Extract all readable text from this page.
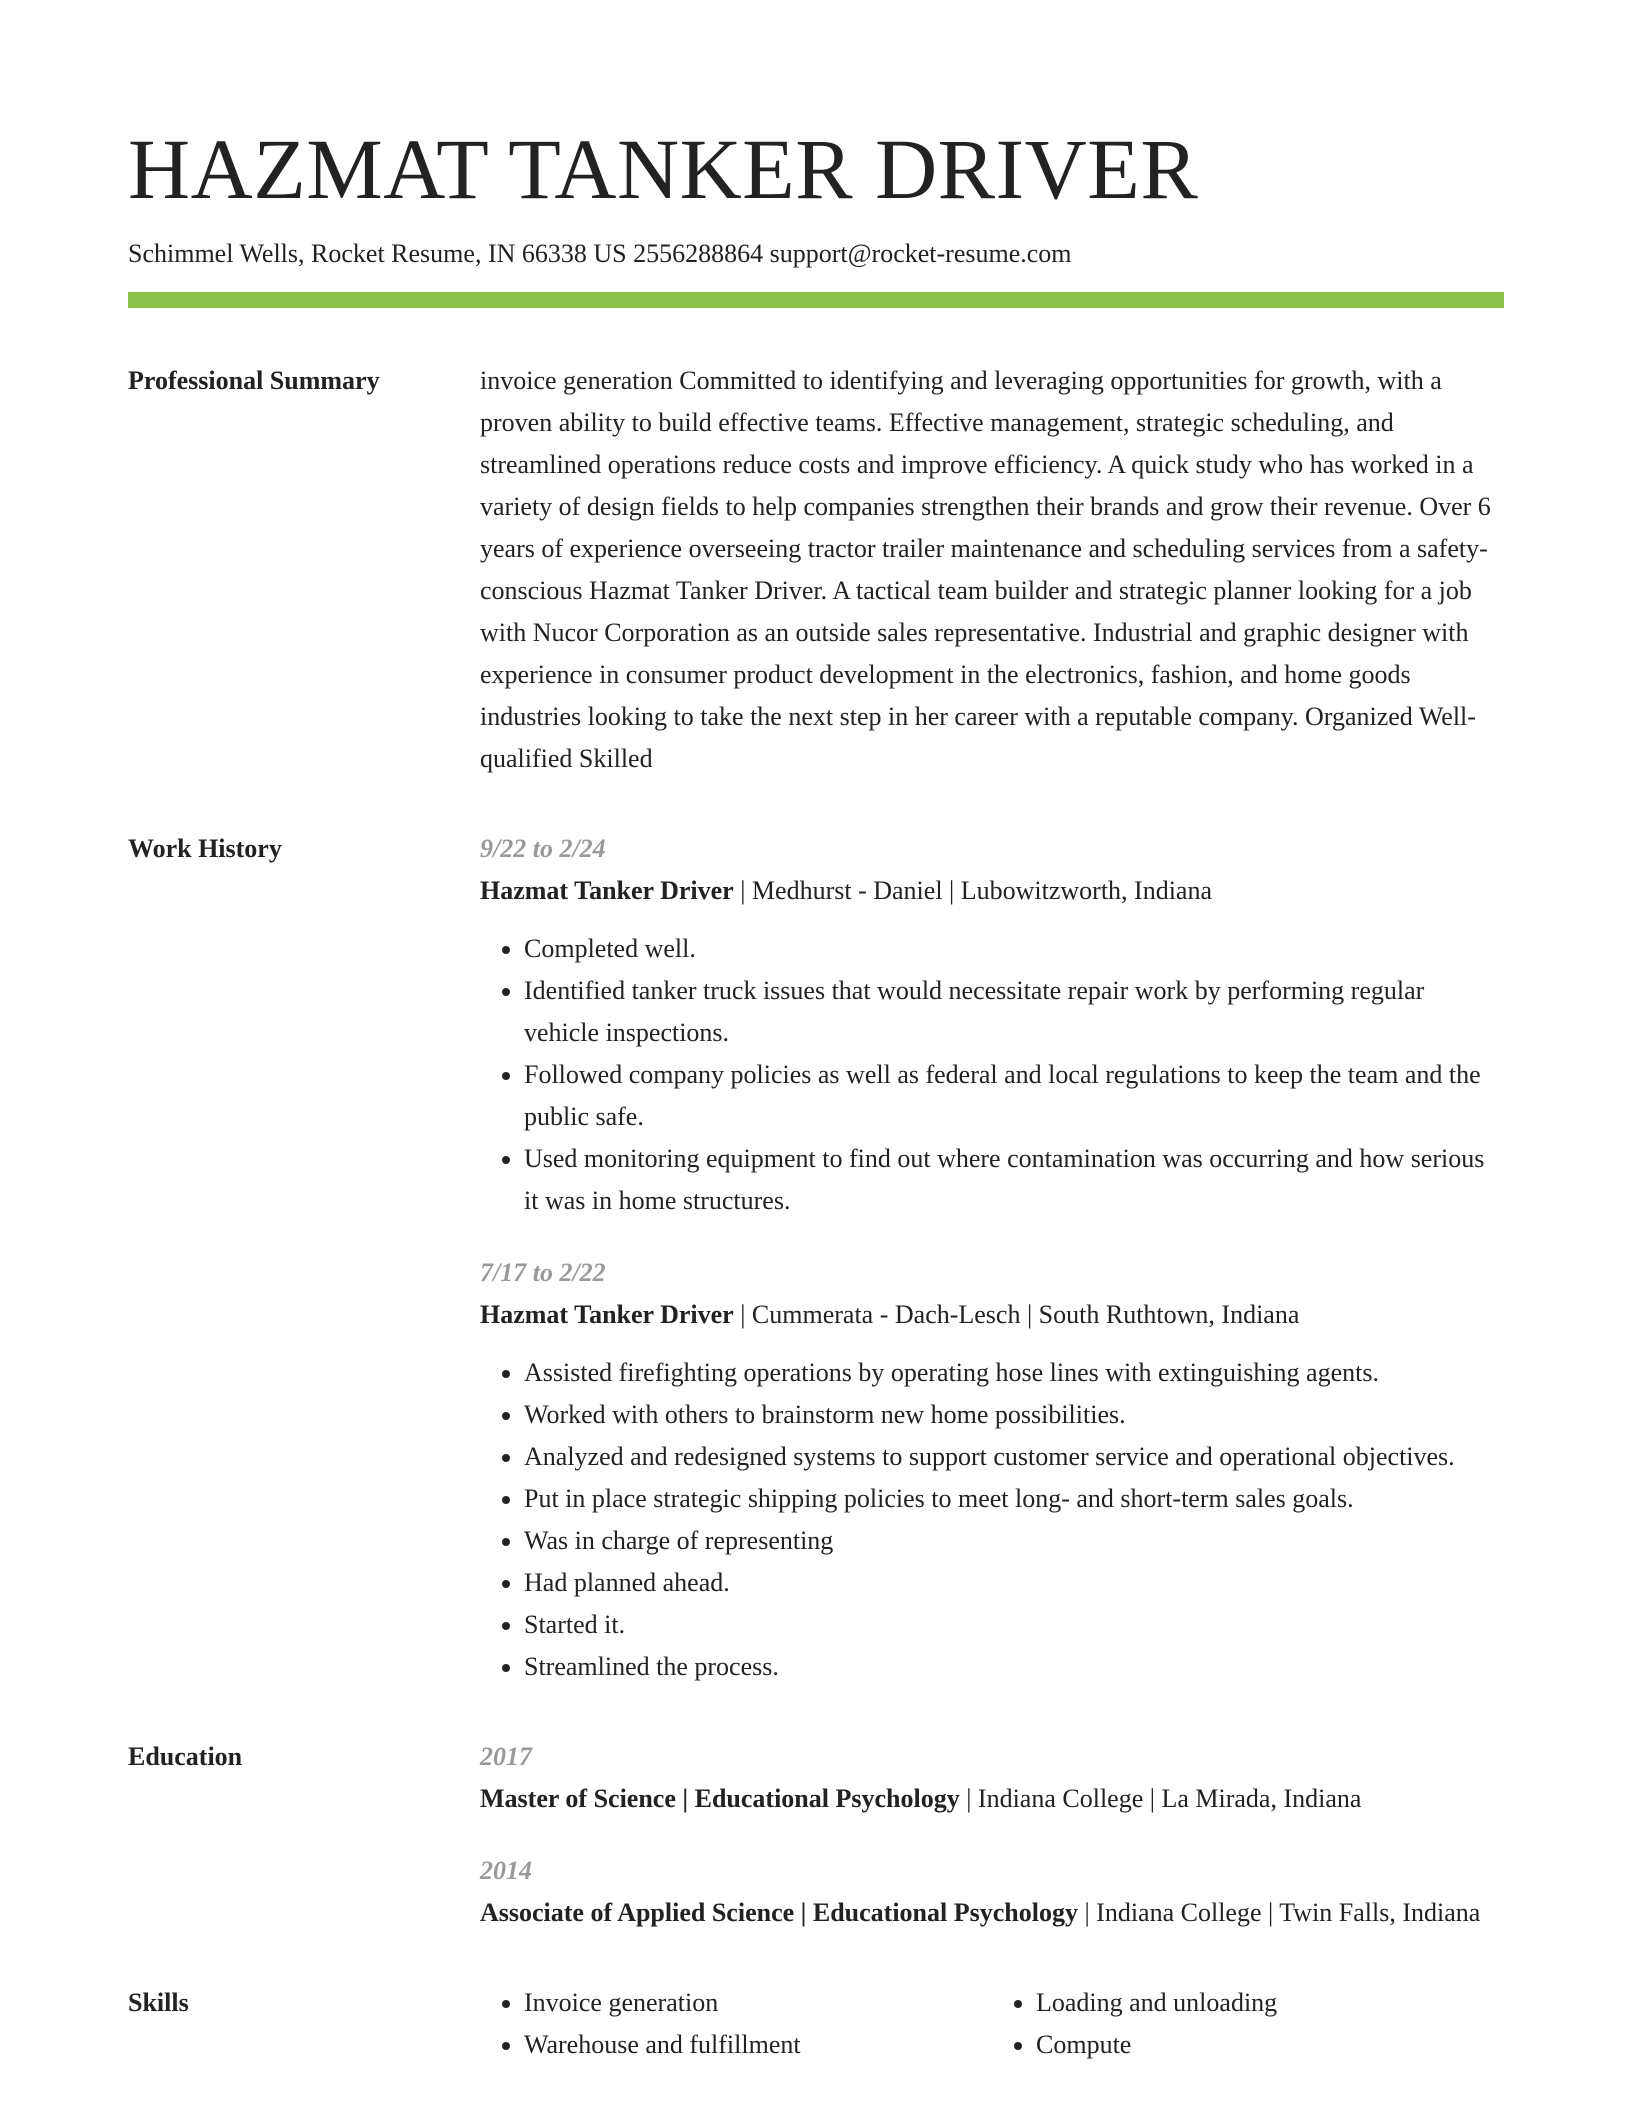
HAZMAT TANKER DRIVER
Schimmel Wells, Rocket Resume, IN 66338 US 2556288864 support@rocket-resume.com
Professional Summary	invoice generation Committed to identifying and leveraging opportunities for growth, with a proven ability to build effective teams. Effective management, strategic scheduling, and streamlined operations reduce costs and improve efficiency. A quick study who has worked in a variety of design fields to help companies strengthen their brands and grow their revenue. Over 6 years of experience overseeing tractor trailer maintenance and scheduling services from a safety-conscious Hazmat Tanker Driver. A tactical team builder and strategic planner looking for a job with Nucor Corporation as an outside sales representative. Industrial and graphic designer with experience in consumer product development in the electronics, fashion, and home goods industries looking to take the next step in her career with a reputable company. Organized Well-qualified Skilled

Work History	9/22 to 2/24
Hazmat Tanker Driver | Medhurst - Daniel | Lubowitzworth, Indiana
• Completed well.
• Identified tanker truck issues that would necessitate repair work by performing regular vehicle inspections.
• Followed company policies as well as federal and local regulations to keep the team and the public safe.
• Used monitoring equipment to find out where contamination was occurring and how serious it was in home structures.
7/17 to 2/22
Hazmat Tanker Driver | Cummerata - Dach-Lesch | South Ruthtown, Indiana
• Assisted firefighting operations by operating hose lines with extinguishing agents.
• Worked with others to brainstorm new home possibilities.
• Analyzed and redesigned systems to support customer service and operational objectives.
• Put in place strategic shipping policies to meet long- and short-term sales goals.
• Was in charge of representing
• Had planned ahead.
• Started it.
• Streamlined the process.
Education	2017
Master of Science | Educational Psychology | Indiana College | La Mirada, Indiana
2014
Associate of Applied Science | Educational Psychology | Indiana College | Twin Falls, Indiana
Skills
•	Invoice generation
• Warehouse and fulfillment
• Loading and unloading
• Compute
